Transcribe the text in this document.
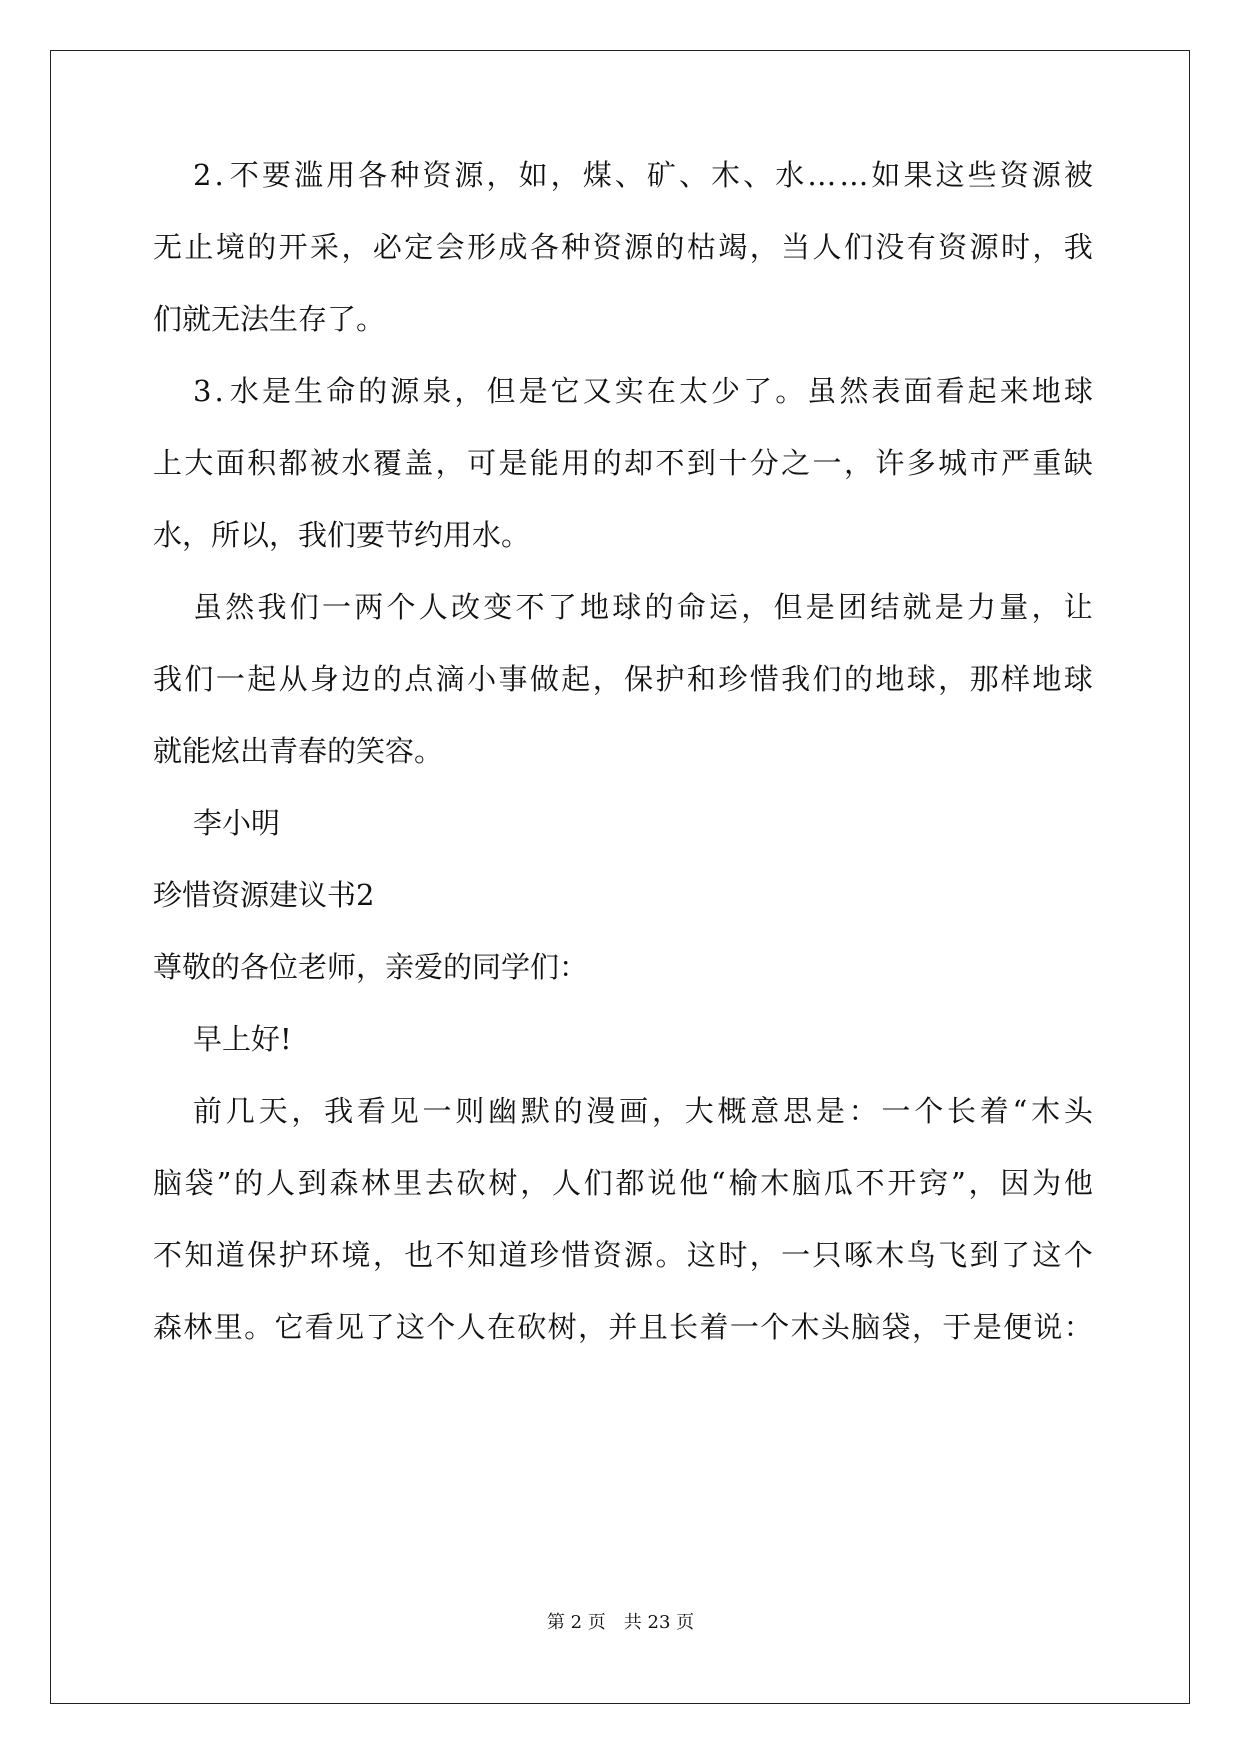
2 . 不 要 滥 用 各 种 资 源 ， 如 ， 煤 、 矿 、 木 、 水 … … 如 果 这 些 资 源 被
无 止 境 的 开 采 ， 必 定 会 形 成 各 种 资 源 的 枯 竭 ， 当 人 们 没 有 资 源 时 ， 我
们就无法生存了。
3 . 水 是 生 命 的 源 泉 ， 但 是 它 又 实 在 太 少 了 。 虽 然 表 面 看 起 来 地 球
上 大 面 积 都 被 水 覆 盖 ， 可 是 能 用 的 却 不 到 十 分 之 一 ， 许 多 城 市 严 重 缺
水，所以，我们要节约用水。
虽 然 我 们 一 两 个 人 改 变 不 了 地 球 的 命 运 ， 但 是 团 结 就 是 力 量 ， 让
我 们 一 起 从 身 边 的 点 滴 小 事 做 起 ， 保 护 和 珍 惜 我 们 的 地 球 ， 那 样 地 球
就能炫出青春的笑容。
李小明
珍惜资源建议书2
尊敬的各位老师，亲爱的同学们：
早上好!
前 几 天 ， 我 看 见 一 则 幽 默 的 漫 画 ， 大 概 意 思 是 ： 一 个 长 着 “ 木 头
脑 袋 ” 的 人 到 森 林 里 去 砍 树 ， 人 们 都 说 他 “ 榆 木 脑 瓜 不 开 窍 ” ， 因 为 他
不 知 道 保 护 环 境 ， 也 不 知 道 珍 惜 资 源 。 这 时 ， 一 只 啄 木 鸟 飞 到 了 这 个
森 林 里 。 它 看 见 了 这 个 人 在 砍 树 ， 并 且 长 着 一 个 木 头 脑 袋 ， 于 是 便 说 ：
第 2 页　共 23 页
